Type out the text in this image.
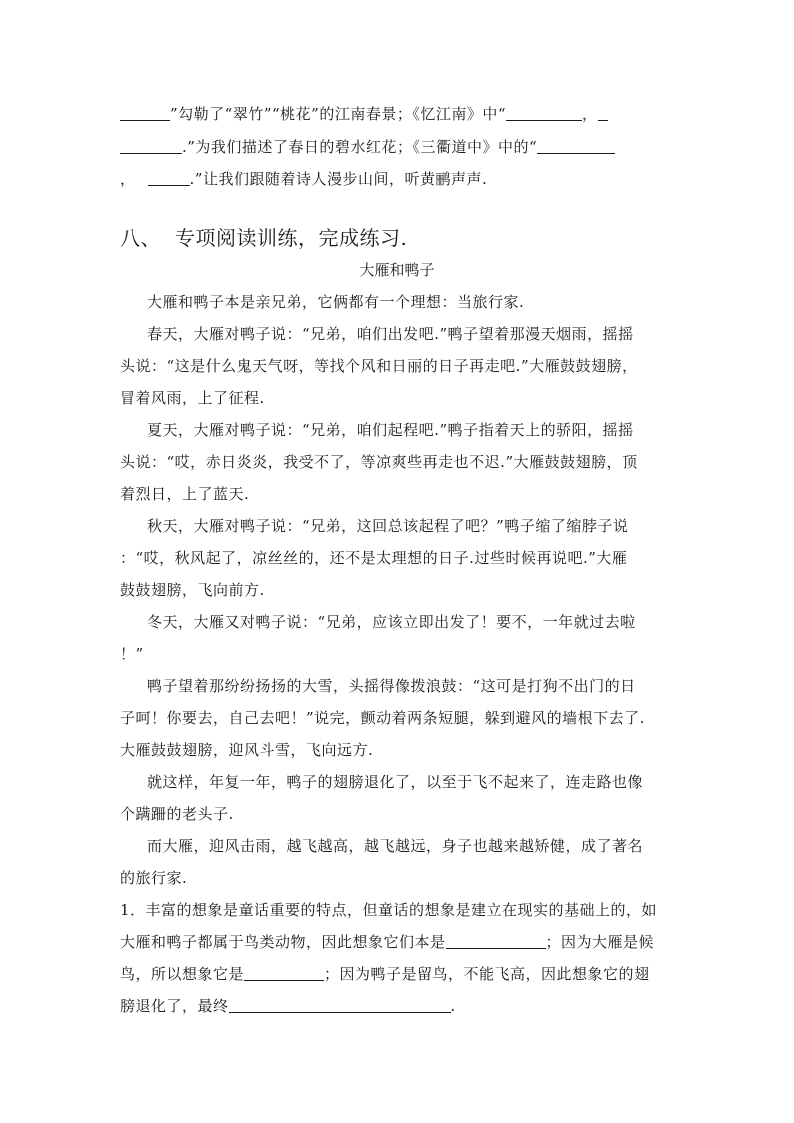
”勾勒了“翠竹”“桃花”的江南春景；《忆江南》中“	，
.”为我们描述了春日的碧水红花；《三衢道中》中的“
，	.”让我们跟随着诗人漫步山间，听黄鹂声声.
八、 专项阅读训练，完成练习.
大雁和鸭子
大雁和鸭子本是亲兄弟，它俩都有一个理想：当旅行家.
春天，大雁对鸭子说：“兄弟，咱们出发吧.”鸭子望着那漫天烟雨，摇摇
头说：“这是什么鬼天气呀，等找个风和日丽的日子再走吧.”大雁鼓鼓翅膀，
冒着风雨，上了征程.
夏天，大雁对鸭子说：“兄弟，咱们起程吧.”鸭子指着天上的骄阳，摇摇
头说：“哎，赤日炎炎，我受不了，等凉爽些再走也不迟.”大雁鼓鼓翅膀，顶
着烈日，上了蓝天.
秋天，大雁对鸭子说：“兄弟，这回总该起程了吧？”鸭子缩了缩脖子说
：“哎，秋风起了，凉丝丝的，还不是太理想的日子.过些时候再说吧.”大雁
鼓鼓翅膀，飞向前方.
冬天，大雁又对鸭子说：“兄弟，应该立即出发了！要不，一年就过去啦
！”
鸭子望着那纷纷扬扬的大雪，头摇得像拨浪鼓：“这可是打狗不出门的日
子呵！你要去，自己去吧！”说完，颤动着两条短腿，躲到避风的墙根下去了.
大雁鼓鼓翅膀，迎风斗雪，飞向远方.
就这样，年复一年，鸭子的翅膀退化了，以至于飞不起来了，连走路也像
个蹒跚的老头子.
而大雁，迎风击雨，越飞越高，越飞越远，身子也越来越矫健，成了著名
的旅行家.
1．丰富的想象是童话重要的特点，但童话的想象是建立在现实的基础上的，如
大雁和鸭子都属于鸟类动物，因此想象它们本是	；因为大雁是候
鸟，所以想象它是	；因为鸭子是留鸟，不能飞高，因此想象它的翅
膀退化了，最终	.
